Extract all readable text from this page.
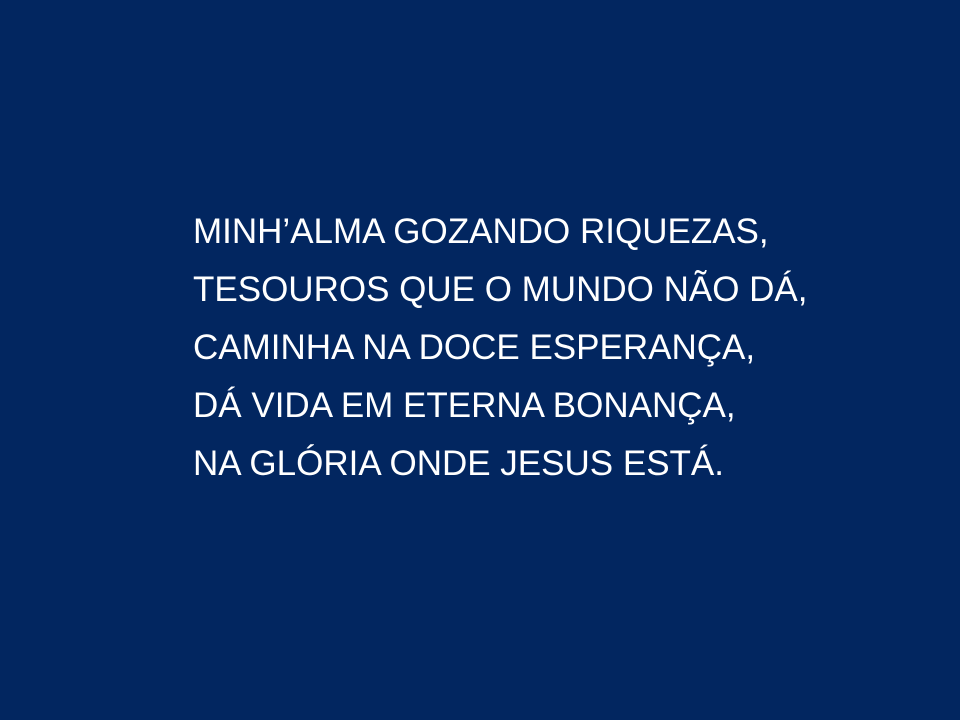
MINH’ALMA GOZANDO RIQUEZAS,
TESOUROS QUE O MUNDO NÃO DÁ,
CAMINHA NA DOCE ESPERANÇA,
DÁ VIDA EM ETERNA BONANÇA,
NA GLÓRIA ONDE JESUS ESTÁ.
